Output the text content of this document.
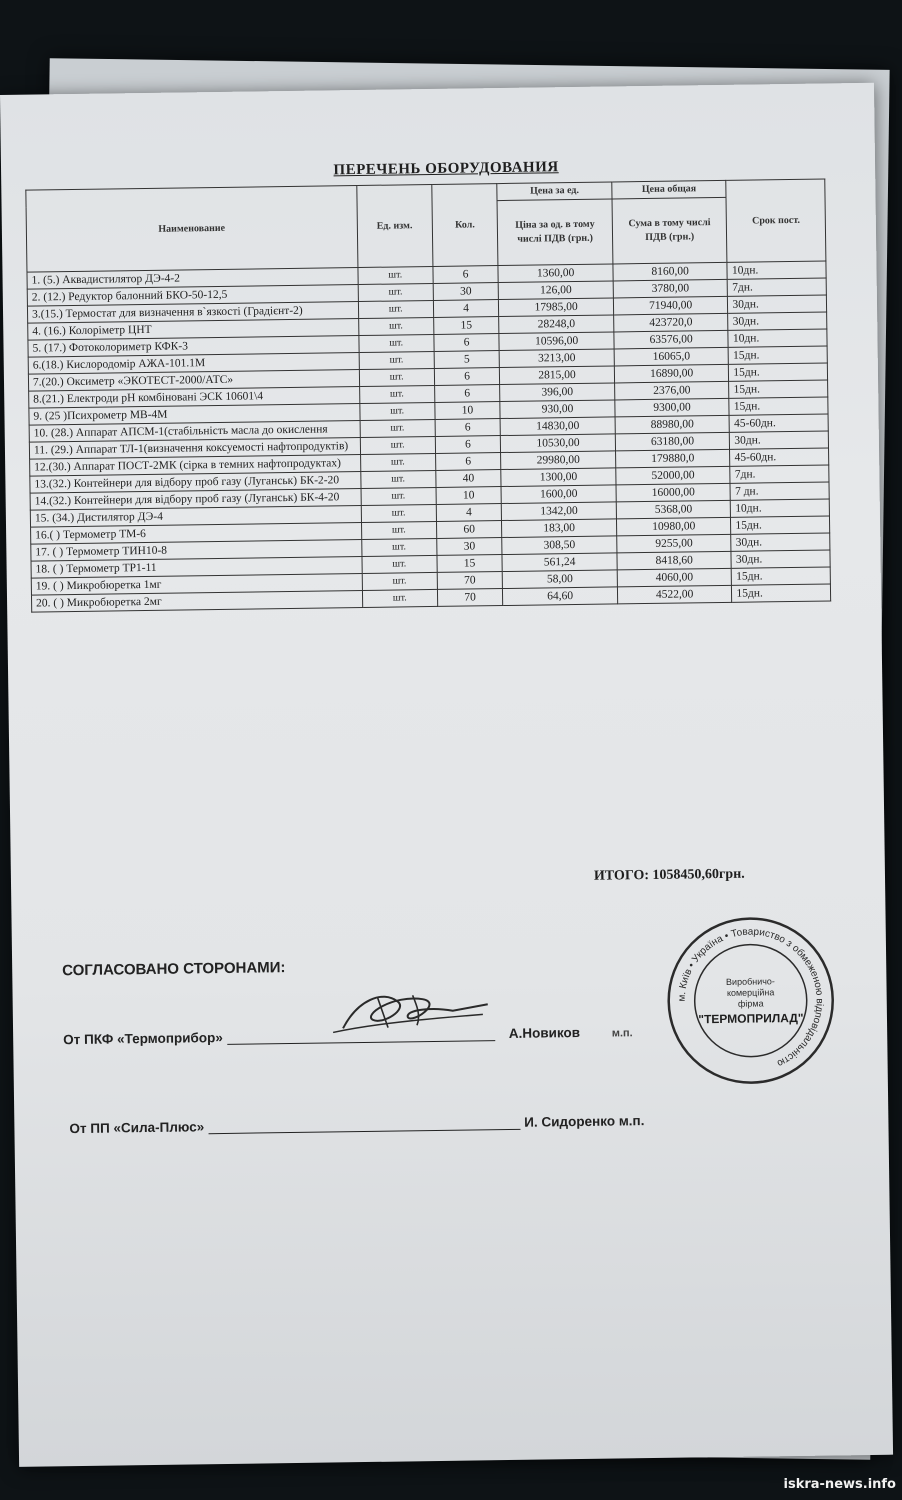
ПЕРЕЧЕНЬ ОБОРУДОВАНИЯ
Наименование	Ед. изм.	Кол.	Цена за ед.	Цена общая	Срок пост.
			Ціна за од. в тому числі ПДВ (грн.)	Сума в тому числі ПДВ (грн.)	
1. (5.) Аквадистилятор ДЭ-4-2	шт.	6	1360,00	8160,00	10дн.
2. (12.) Редуктор балонний БКО-50-12,5	шт.	30	126,00	3780,00	7дн.
3.(15.) Термостат для визначення в`язкості (Градієнт-2)	шт.	4	17985,00	71940,00	30дн.
4. (16.) Колоріметр ЦНТ	шт.	15	28248,0	423720,0	30дн.
5. (17.) Фотоколориметр КФК-3	шт.	6	10596,00	63576,00	10дн.
6.(18.) Кислородомір АЖА-101.1М	шт.	5	3213,00	16065,0	15дн.
7.(20.) Оксиметр «ЭКОТЕСТ-2000/АТС»	шт.	6	2815,00	16890,00	15дн.
8.(21.) Електроди pH комбіновані ЭСК 10601\4	шт.	6	396,00	2376,00	15дн.
9. (25 )Психрометр МВ-4М	шт.	10	930,00	9300,00	15дн.
10. (28.) Аппарат АПСМ-1(стабільність масла до окислення	шт.	6	14830,00	88980,00	45-60дн.
11. (29.) Аппарат ТЛ-1(визначення коксуемості нафтопродуктів)	шт.	6	10530,00	63180,00	30дн.
12.(30.) Аппарат ПОСТ-2МК (сірка в темних нафтопродуктах)	шт.	6	29980,00	179880,0	45-60дн.
13.(32.) Контейнери для відбору проб газу (Луганськ) БК-2-20	шт.	40	1300,00	52000,00	7дн.
14.(32.) Контейнери для відбору проб газу (Луганськ) БК-4-20	шт.	10	1600,00	16000,00	7 дн.
15. (34.) Дистилятор ДЭ-4	шт.	4	1342,00	5368,00	10дн.
16.( ) Термометр ТМ-6	шт.	60	183,00	10980,00	15дн.
17. ( ) Термометр ТИН10-8	шт.	30	308,50	9255,00	30дн.
18. ( ) Термометр ТР1-11	шт.	15	561,24	8418,60	30дн.
19. ( ) Микробюретка 1мг	шт.	70	58,00	4060,00	15дн.
20. ( ) Микробюретка 2мг	шт.	70	64,60	4522,00	15дн.
ИТОГО: 1058450,60грн.
СОГЛАСОВАНО СТОРОНАМИ:
От ПКФ «Термоприбор»	А.Новиков	м.п.
От ПП «Сила-Плюс»	И. Сидоренко м.п.
м. Київ • Україна • Товариство з обмеженою відповідальністю
Виробничо-
комерційна
фірма
"ТЕРМОПРИЛАД"
iskra-news.info
